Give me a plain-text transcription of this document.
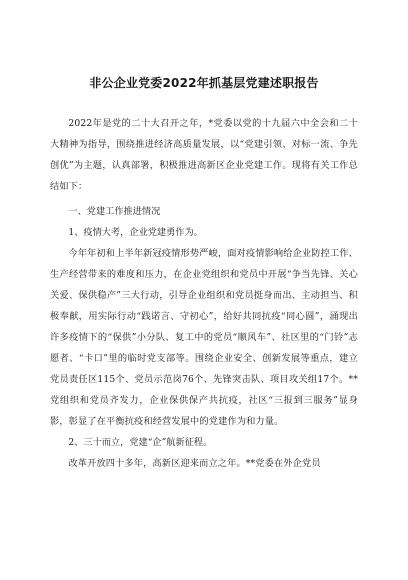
非公企业党委2022年抓基层党建述职报告

2022年是党的二十大召开之年，*党委以党的十九届六中全会和二十大精神为指导，围绕推进经济高质量发展，以“党建引领、对标一流、争先创优”为主题，认真部署，积极推进高新区企业党建工作。现将有关工作总结如下：

一、党建工作推进情况

1、疫情大考，企业党建勇作为。

今年年初和上半年新冠疫情形势严峻，面对疫情影响给企业防控工作、生产经营带来的难度和压力，在企业党组织和党员中开展“争当先锋、关心关爱、保供稳产”三大行动，引导企业组织和党员挺身而出、主动担当、积极奉献，用实际行动“践诺言、守初心”，给好共同抗疫“同心圆”，涌现出许多疫情下的“保供”小分队、复工中的党员“顺风车”、社区里的“门铃”志愿者、“卡口”里的临时党支部等。围绕企业安全、创新发展等重点，建立党员责任区115个、党员示范岗76个、先锋突击队、项目攻关组17个。**党组织和党员齐发力，企业保供保产共抗疫，社区“三报到三服务”显身影，彰显了在平衡抗疫和经营发展中的党建作为和力量。

2、三十而立，党建“企”航新征程。

改革开放四十多年，高新区迎来而立之年。**党委在外企党员
